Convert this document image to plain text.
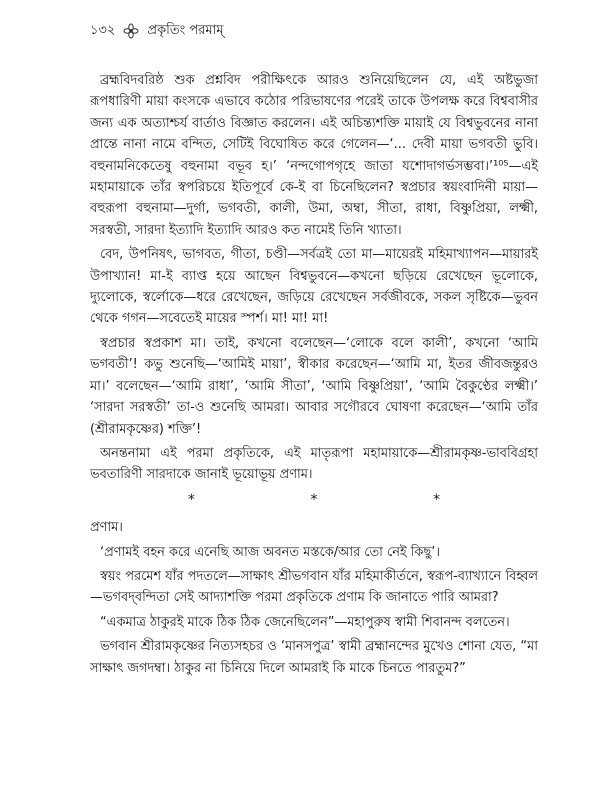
১৩২ প্রকৃতিং পরমাম্

ব্রহ্মবিদবরিষ্ঠ শুক প্রশ্নবিদ পরীক্ষিৎকে আরও শুনিয়েছিলেন যে, এই অষ্টভুজা রূপধারিণী মায়া কংসকে এভাবে কঠোর পরিভাষণের পরেই তাকে উপলক্ষ করে বিশ্ববাসীর জন্য এক অত্যাশ্চর্য বার্তাও বিজ্ঞাত করলেন। এই অচিন্ত্যশক্তি মায়াই যে বিশ্বভুবনের নানা প্রান্তে নানা নামে বন্দিত, সেটিই বিঘোষিত করে গেলেন—‘... দেবী মায়া ভগবতী ভুবি। বহুনামনিকেতেষু বহুনামা বভূব হ।’ ‘নন্দগোপগৃহে জাতা যশোদাগর্ভসম্ভবা।’¹⁰⁵—এই মহামায়াকে তাঁর স্বপরিচয়ে ইতিপূর্বে কে-ই বা চিনেছিলেন? স্বপ্রচার স্বয়ংবাদিনী মায়া—বহুরূপা বহুনামা—দুর্গা, ভগবতী, কালী, উমা, অম্বা, সীতা, রাধা, বিষ্ণুপ্রিয়া, লক্ষ্মী, সরস্বতী, সারদা ইত্যাদি ইত্যাদি আরও কত নামেই তিনি খ্যাতা।

বেদ, উপনিষৎ, ভাগবত, গীতা, চণ্ডী—সর্বত্রই তো মা—মায়েরই মহিমাখ্যাপন—মায়ারই উপাখ্যান! মা-ই ব্যাপ্ত হয়ে আছেন বিশ্বভুবনে—কখনো ছড়িয়ে রেখেছেন ভূলোকে, দ্যুলোকে, স্বর্লোকে—ধরে রেখেছেন, জড়িয়ে রেখেছেন সর্বজীবকে, সকল সৃষ্টিকে—ভুবন থেকে গগন—সবেতেই মায়ের স্পর্শ। মা! মা! মা!

স্বপ্রচার স্বপ্রকাশ মা। তাই, কখনো বলেছেন—‘লোকে বলে কালী’, কখনো ‘আমি ভগবতী’! কভু শুনেছি—‘আমিই মায়া’, স্বীকার করেছেন—‘আমি মা, ইতর জীবজন্তুরও মা।’ বলেছেন—‘আমি রাধা’, ‘আমি সীতা’, ‘আমি বিষ্ণুপ্রিয়া’, ‘আমি বৈকুণ্ঠের লক্ষ্মী।’ ‘সারদা সরস্বতী’ তা-ও শুনেছি আমরা। আবার সগৌরবে ঘোষণা করেছেন—‘আমি তাঁর (শ্রীরামকৃষ্ণের) শক্তি’!

অনন্তনামা এই পরমা প্রকৃতিকে, এই মাতৃরূপা মহামায়াকে—শ্রীরামকৃষ্ণ-ভাববিগ্রহা ভবতারিণী সারদাকে জানাই ভূয়োভূয় প্রণাম।

*	*	*

প্রণাম।

‘প্রণামই বহন করে এনেছি আজ অবনত মস্তকে/আর তো নেই কিছু’।

স্বয়ং পরমেশ যাঁর পদতলে—সাক্ষাৎ শ্রীভগবান যাঁর মহিমাকীর্তনে, স্বরূপ-ব্যাখ্যানে বিহ্বল—ভগবদ্‌বন্দিতা সেই আদ্যাশক্তি পরমা প্রকৃতিকে প্রণাম কি জানাতে পারি আমরা?

“একমাত্র ঠাকুরই মাকে ঠিক ঠিক জেনেছিলেন”—মহাপুরুষ স্বামী শিবানন্দ বলতেন।

ভগবান শ্রীরামকৃষ্ণের নিত্যসহচর ও ‘মানসপুত্র’ স্বামী ব্রহ্মানন্দের মুখেও শোনা যেত, “মা সাক্ষাৎ জগদম্বা। ঠাকুর না চিনিয়ে দিলে আমরাই কি মাকে চিনতে পারতুম?”
